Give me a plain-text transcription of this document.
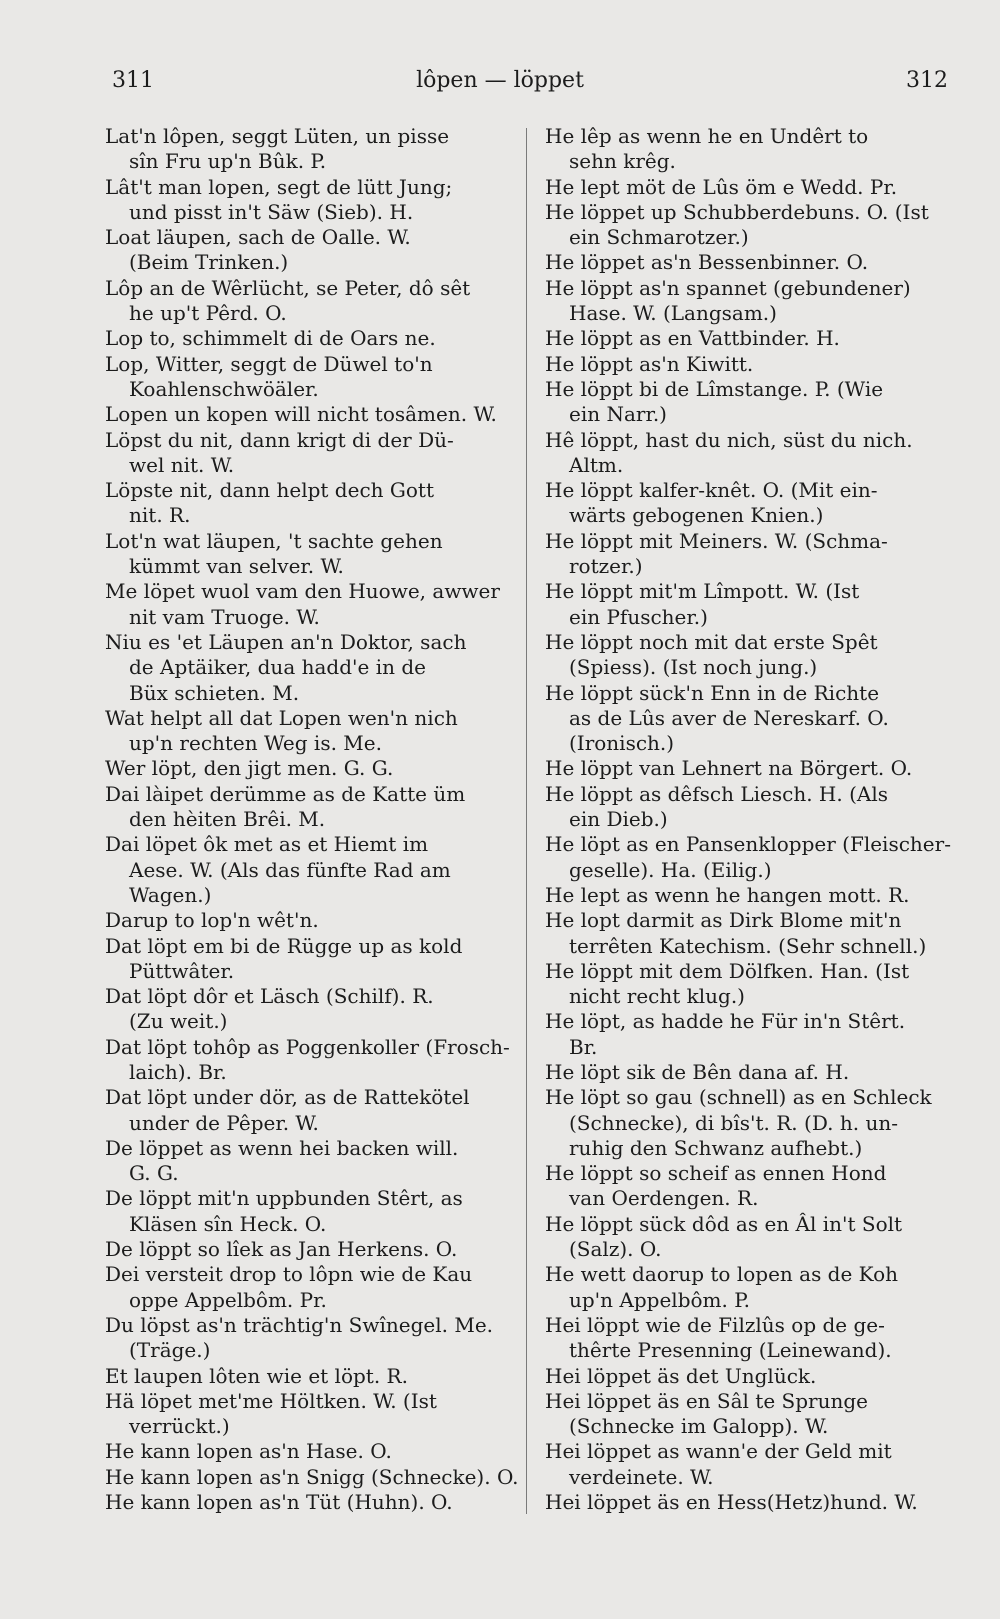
311	lôpen — löppet	312
Lat'n lôpen, seggt Lüten, un pisse
sîn Fru up'n Bûk. P.
Lât't man lopen, segt de lütt Jung;
und pisst in't Säw (Sieb). H.
Loat läupen, sach de Oalle. W.
(Beim Trinken.)
Lôp an de Wêrlücht, se Peter, dô sêt
he up't Pêrd. O.
Lop to, schimmelt di de Oars ne.
Lop, Witter, seggt de Düwel to'n
Koahlenschwöäler.
Lopen un kopen will nicht tosâmen. W.
Löpst du nit, dann krigt di der Dü-
wel nit. W.
Löpste nit, dann helpt dech Gott
nit. R.
Lot'n wat läupen, 't sachte gehen
kümmt van selver. W.
Me löpet wuol vam den Huowe, awwer
nit vam Truoge. W.
Niu es 'et Läupen an'n Doktor, sach
de Aptäiker, dua hadd'e in de
Büx schieten. M.
Wat helpt all dat Lopen wen'n nich
up'n rechten Weg is. Me.
Wer löpt, den jigt men. G. G.
Dai làipet derümme as de Katte üm
den hèiten Brêi. M.
Dai löpet ôk met as et Hiemt im
Aese. W. (Als das fünfte Rad am
Wagen.)
Darup to lop'n wêt'n.
Dat löpt em bi de Rügge up as kold
Püttwâter.
Dat löpt dôr et Läsch (Schilf). R.
(Zu weit.)
Dat löpt tohôp as Poggenkoller (Frosch-
laich). Br.
Dat löpt under dör, as de Rattekötel
under de Pêper. W.
De löppet as wenn hei backen will.
G. G.
De löppt mit'n uppbunden Stêrt, as
Kläsen sîn Heck. O.
De löppt so lîek as Jan Herkens. O.
Dei versteit drop to lôpn wie de Kau
oppe Appelbôm. Pr.
Du löpst as'n trächtig'n Swînegel. Me.
(Träge.)
Et laupen lôten wie et löpt. R.
Hä löpet met'me Höltken. W. (Ist
verrückt.)
He kann lopen as'n Hase. O.
He kann lopen as'n Snigg (Schnecke). O.
He kann lopen as'n Tüt (Huhn). O.
He lêp as wenn he en Undêrt to
sehn krêg.
He lept möt de Lûs öm e Wedd. Pr.
He löppet up Schubberdebuns. O. (Ist
ein Schmarotzer.)
He löppet as'n Bessenbinner. O.
He löppt as'n spannet (gebundener)
Hase. W. (Langsam.)
He löppt as en Vattbinder. H.
He löppt as'n Kiwitt.
He löppt bi de Lîmstange. P. (Wie
ein Narr.)
Hê löppt, hast du nich, süst du nich.
Altm.
He löppt kalfer-knêt. O. (Mit ein-
wärts gebogenen Knien.)
He löppt mit Meiners. W. (Schma-
rotzer.)
He löppt mit'm Lîmpott. W. (Ist
ein Pfuscher.)
He löppt noch mit dat erste Spêt
(Spiess). (Ist noch jung.)
He löppt sück'n Enn in de Richte
as de Lûs aver de Nereskarf. O.
(Ironisch.)
He löppt van Lehnert na Börgert. O.
He löppt as dêfsch Liesch. H. (Als
ein Dieb.)
He löpt as en Pansenklopper (Fleischer-
geselle). Ha. (Eilig.)
He lept as wenn he hangen mott. R.
He lopt darmit as Dirk Blome mit'n
terrêten Katechism. (Sehr schnell.)
He löppt mit dem Dölfken. Han. (Ist
nicht recht klug.)
He löpt, as hadde he Für in'n Stêrt.
Br.
He löpt sik de Bên dana af. H.
He löpt so gau (schnell) as en Schleck
(Schnecke), di bîs't. R. (D. h. un-
ruhig den Schwanz aufhebt.)
He löppt so scheif as ennen Hond
van Oerdengen. R.
He löppt sück dôd as en Âl in't Solt
(Salz). O.
He wett daorup to lopen as de Koh
up'n Appelbôm. P.
Hei löppt wie de Filzlûs op de ge-
thêrte Presenning (Leinewand).
Hei löppet äs det Unglück.
Hei löppet äs en Sâl te Sprunge
(Schnecke im Galopp). W.
Hei löppet as wann'e der Geld mit
verdeinete. W.
Hei löppet äs en Hess(Hetz)hund. W.
